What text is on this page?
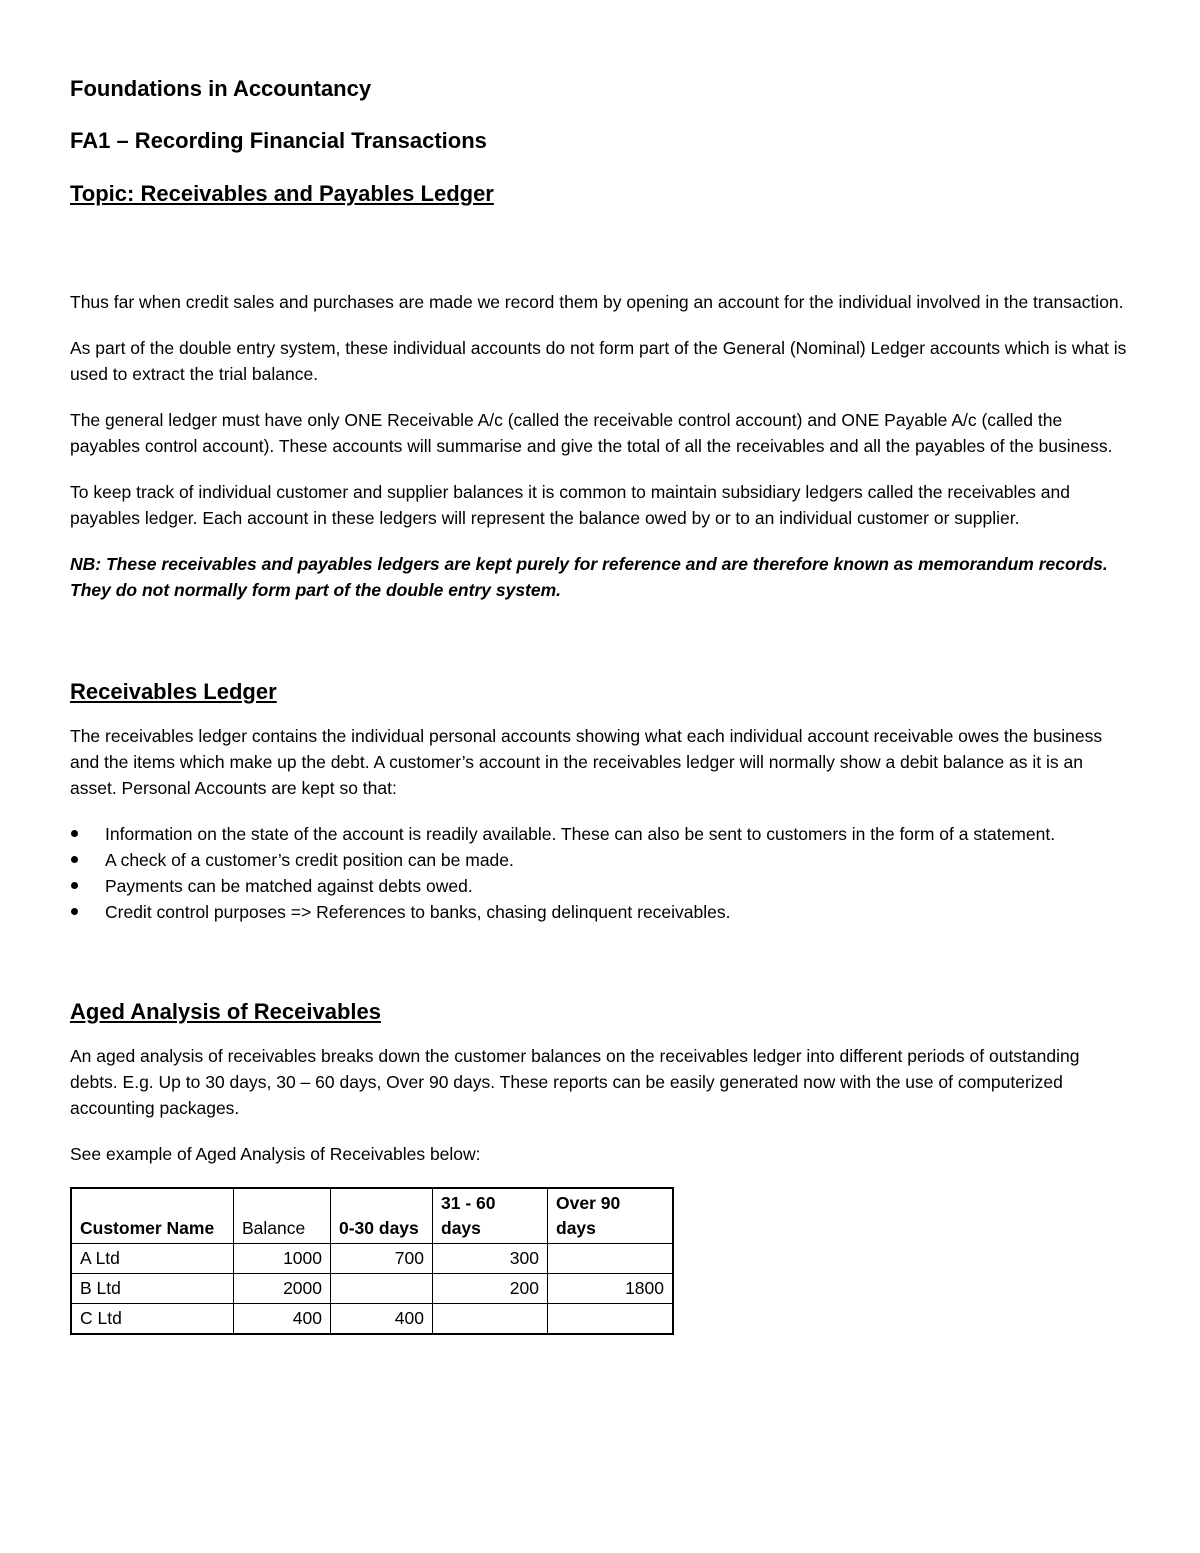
Foundations in Accountancy
FA1 – Recording Financial Transactions
Topic: Receivables and Payables Ledger

Thus far when credit sales and purchases are made we record them by opening an account for the individual involved in the transaction.

As part of the double entry system, these individual accounts do not form part of the General (Nominal) Ledger accounts which is what is used to extract the trial balance.

The general ledger must have only ONE Receivable A/c (called the receivable control account) and ONE Payable A/c (called the payables control account). These accounts will summarise and give the total of all the receivables and all the payables of the business.

To keep track of individual customer and supplier balances it is common to maintain subsidiary ledgers called the receivables and payables ledger. Each account in these ledgers will represent the balance owed by or to an individual customer or supplier.

NB: These receivables and payables ledgers are kept purely for reference and are therefore known as memorandum records. They do not normally form part of the double entry system.

Receivables Ledger

The receivables ledger contains the individual personal accounts showing what each individual account receivable owes the business and the items which make up the debt. A customer’s account in the receivables ledger will normally show a debit balance as it is an asset. Personal Accounts are kept so that:

Information on the state of the account is readily available. These can also be sent to customers in the form of a statement.
A check of a customer’s credit position can be made.
Payments can be matched against debts owed.
Credit control purposes => References to banks, chasing delinquent receivables.
Aged Analysis of Receivables

An aged analysis of receivables breaks down the customer balances on the receivables ledger into different periods of outstanding debts. E.g. Up to 30 days, 30 – 60 days, Over 90 days. These reports can be easily generated now with the use of computerized accounting packages.

See example of Aged Analysis of Receivables below:

Customer Name	Balance	0-30 days	31 - 60 days	Over 90 days
A Ltd	1000	700	300	
B Ltd	2000		200	1800
C Ltd	400	400		
